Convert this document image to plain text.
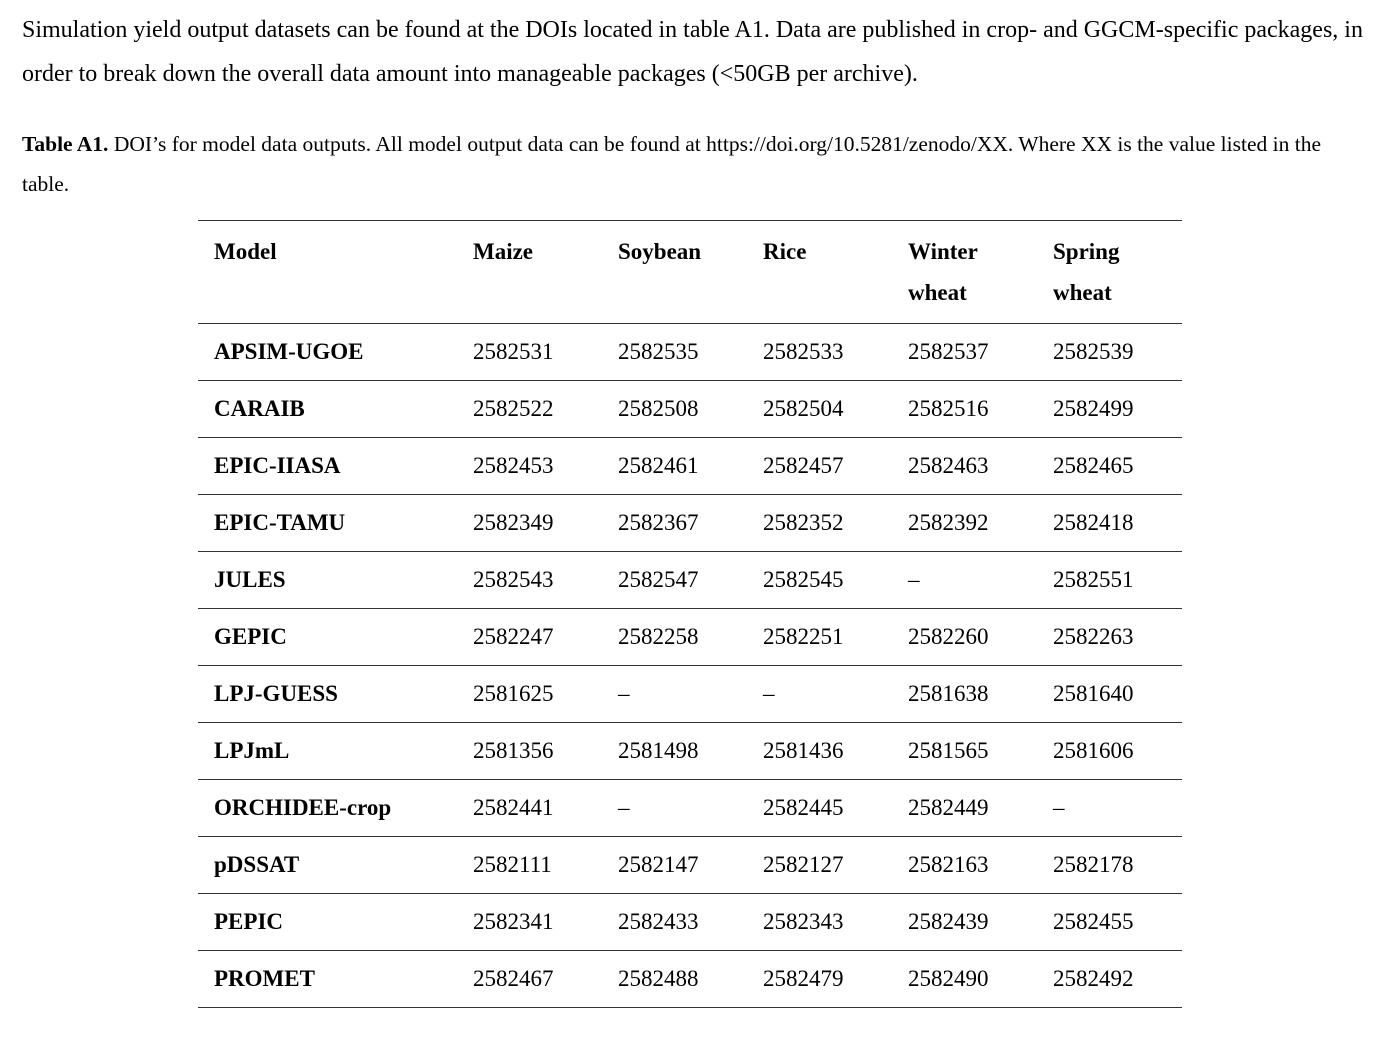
Simulation yield output datasets can be found at the DOIs located in table A1. Data are published in crop- and GGCM-specific packages, in order to break down the overall data amount into manageable packages (<50GB per archive).

Table A1. DOI’s for model data outputs. All model output data can be found at https://doi.org/10.5281/zenodo/XX. Where XX is the value listed in the table.

Model	Maize	Soybean	Rice	Winter wheat	Spring wheat
APSIM-UGOE	2582531	2582535	2582533	2582537	2582539
CARAIB	2582522	2582508	2582504	2582516	2582499
EPIC-IIASA	2582453	2582461	2582457	2582463	2582465
EPIC-TAMU	2582349	2582367	2582352	2582392	2582418
JULES	2582543	2582547	2582545	–	2582551
GEPIC	2582247	2582258	2582251	2582260	2582263
LPJ-GUESS	2581625	–	–	2581638	2581640
LPJmL	2581356	2581498	2581436	2581565	2581606
ORCHIDEE-crop	2582441	–	2582445	2582449	–
pDSSAT	2582111	2582147	2582127	2582163	2582178
PEPIC	2582341	2582433	2582343	2582439	2582455
PROMET	2582467	2582488	2582479	2582490	2582492
